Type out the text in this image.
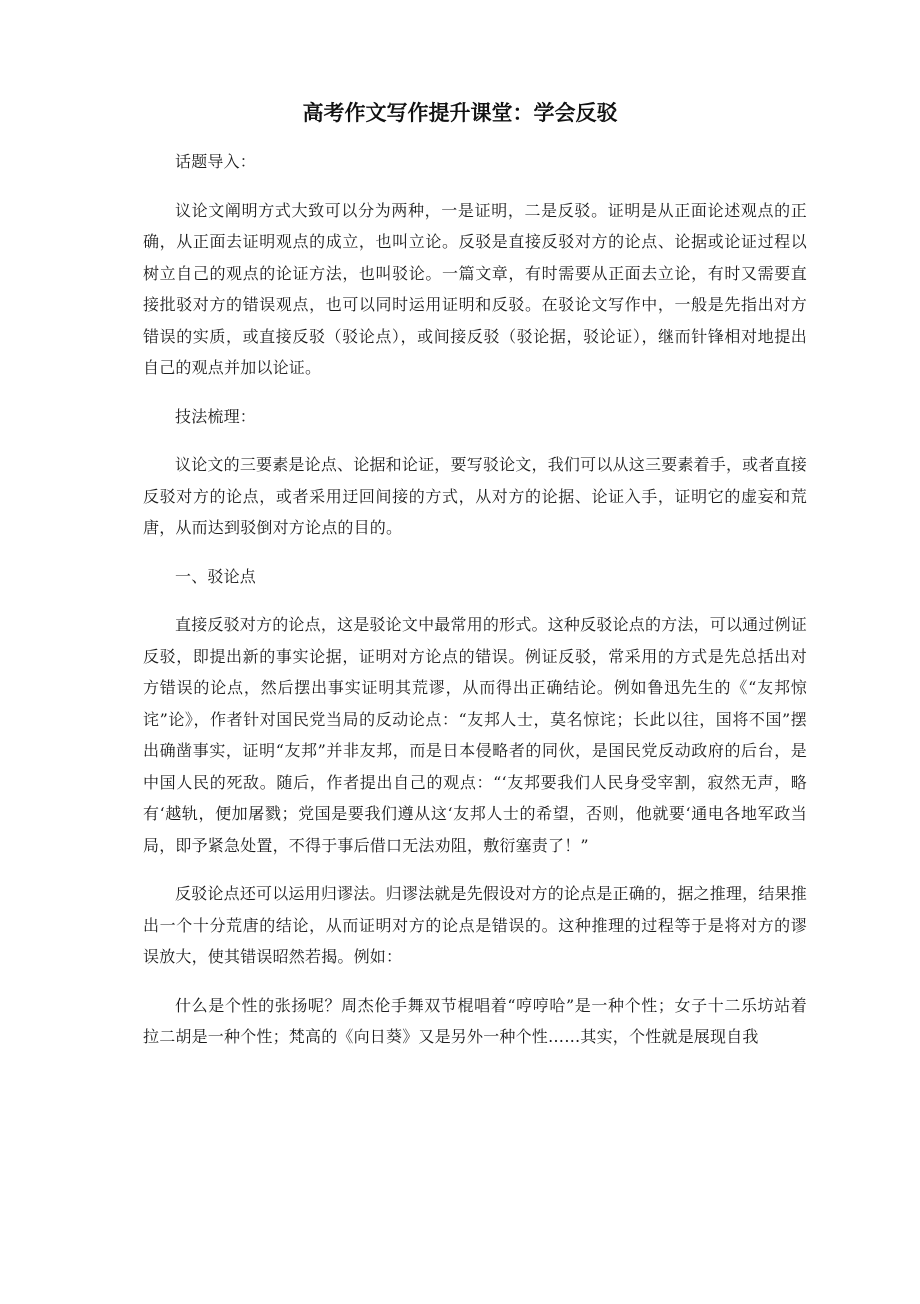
高考作文写作提升课堂：学会反驳

话题导入：

议论文阐明方式大致可以分为两种，一是证明，二是反驳。证明是从正面论述观点的正确，从正面去证明观点的成立，也叫立论。反驳是直接反驳对方的论点、论据或论证过程以树立自己的观点的论证方法，也叫驳论。一篇文章，有时需要从正面去立论，有时又需要直接批驳对方的错误观点，也可以同时运用证明和反驳。在驳论文写作中，一般是先指出对方错误的实质，或直接反驳（驳论点），或间接反驳（驳论据，驳论证），继而针锋相对地提出自己的观点并加以论证。

技法梳理：

议论文的三要素是论点、论据和论证，要写驳论文，我们可以从这三要素着手，或者直接反驳对方的论点，或者采用迂回间接的方式，从对方的论据、论证入手，证明它的虚妄和荒唐，从而达到驳倒对方论点的目的。

一、驳论点

直接反驳对方的论点，这是驳论文中最常用的形式。这种反驳论点的方法，可以通过例证反驳，即提出新的事实论据，证明对方论点的错误。例证反驳，常采用的方式是先总括出对方错误的论点，然后摆出事实证明其荒谬，从而得出正确结论。例如鲁迅先生的《“友邦惊诧”论》，作者针对国民党当局的反动论点：“友邦人士，莫名惊诧；长此以往，国将不国”摆出确凿事实，证明“友邦”并非友邦，而是日本侵略者的同伙，是国民党反动政府的后台，是中国人民的死敌。随后，作者提出自己的观点：“‘友邦要我们人民身受宰割，寂然无声，略有‘越轨，便加屠戮；党国是要我们遵从这‘友邦人士的希望，否则，他就要‘通电各地军政当局，即予紧急处置，不得于事后借口无法劝阻，敷衍塞责了！”

反驳论点还可以运用归谬法。归谬法就是先假设对方的论点是正确的，据之推理，结果推出一个十分荒唐的结论，从而证明对方的论点是错误的。这种推理的过程等于是将对方的谬误放大，使其错误昭然若揭。例如：

什么是个性的张扬呢？周杰伦手舞双节棍唱着“哼哼哈”是一种个性；女子十二乐坊站着拉二胡是一种个性；梵高的《向日葵》又是另外一种个性……其实，个性就是展现自我
